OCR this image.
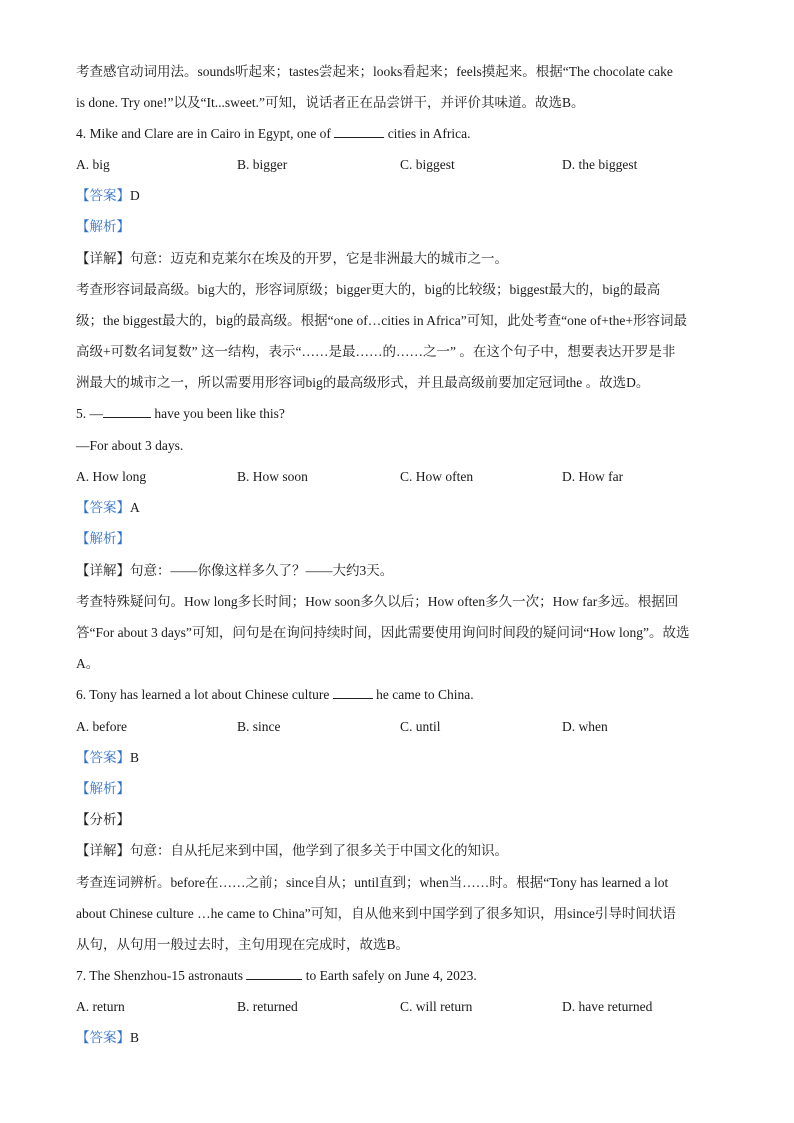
考查感官动词用法。sounds听起来；tastes尝起来；looks看起来；feels摸起来。根据“The chocolate cake
is done. Try one!”以及“It...sweet.”可知，说话者正在品尝饼干，并评价其味道。故选B。
4. Mike and Clare are in Cairo in Egypt, one of	cities in Africa.
A. big	B. bigger	C. biggest	D. the biggest
【答案】D
【解析】
【详解】句意：迈克和克莱尔在埃及的开罗，它是非洲最大的城市之一。
考查形容词最高级。big大的，形容词原级；bigger更大的，big的比较级；biggest最大的，big的最高
级；the biggest最大的，big的最高级。根据“one of…cities in Africa”可知，此处考查“one of+the+形容词最
高级+可数名词复数” 这一结构，表示“……是最……的……之一” 。在这个句子中，想要表达开罗是非
洲最大的城市之一，所以需要用形容词big的最高级形式，并且最高级前要加定冠词the 。故选D。
5. —	have you been like this?
—For about 3 days.
A. How long	B. How soon	C. How often	D. How far
【答案】A
【解析】
【详解】句意：——你像这样多久了？——大约3天。
考查特殊疑问句。How long多长时间；How soon多久以后；How often多久一次；How far多远。根据回
答“For about 3 days”可知，问句是在询问持续时间，因此需要使用询问时间段的疑问词“How long”。故选
A。
6. Tony has learned a lot about Chinese culture	he came to China.
A. before	B. since	C. until	D. when
【答案】B
【解析】
【分析】
【详解】句意：自从托尼来到中国，他学到了很多关于中国文化的知识。
考查连词辨析。before在……之前；since自从；until直到；when当……时。根据“Tony has learned a lot
about Chinese culture …he came to China”可知，自从他来到中国学到了很多知识，用since引导时间状语
从句，从句用一般过去时，主句用现在完成时，故选B。
7. The Shenzhou-15 astronauts	to Earth safely on June 4, 2023.
A. return	B. returned	C. will return	D. have returned
【答案】B
